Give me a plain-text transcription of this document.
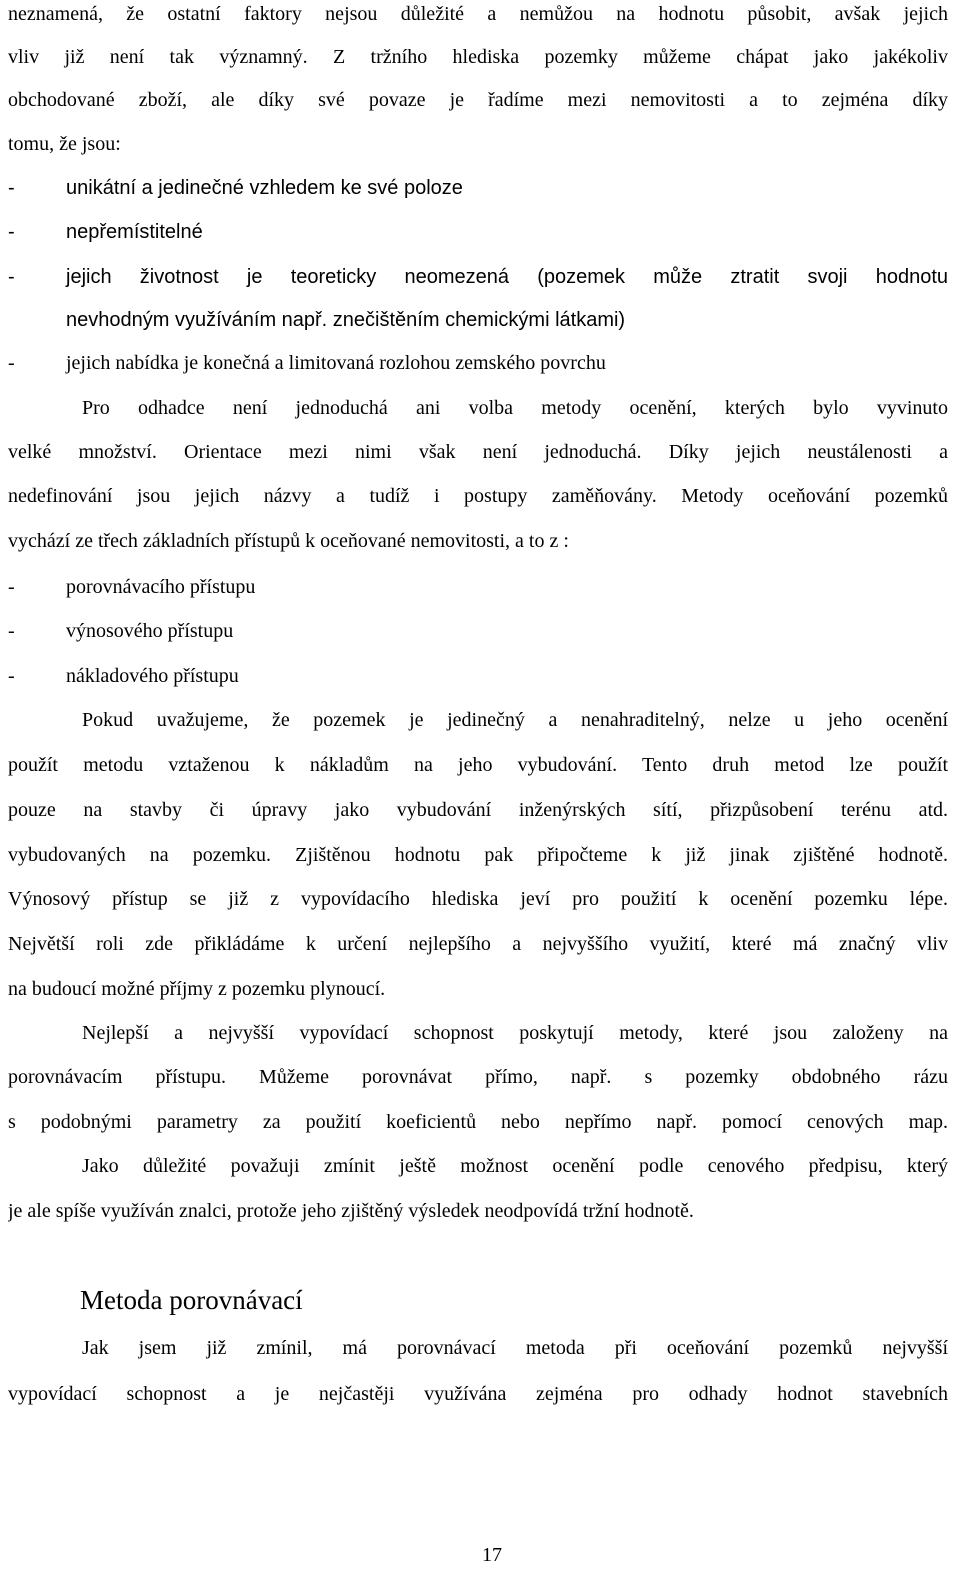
neznamená, že ostatní faktory nejsou důležité a nemůžou na hodnotu působit, avšak jejich
vliv již není tak významný. Z tržního hlediska pozemky můžeme chápat jako jakékoliv
obchodované zboží, ale díky své povaze je řadíme mezi nemovitosti a to zejména díky
tomu, že jsou:
-	unikátní a jedinečné vzhledem ke své poloze
-	nepřemístitelné
-	jejich životnost je teoreticky neomezená (pozemek může ztratit svoji hodnotu
nevhodným využíváním např. znečištěním chemickými látkami)
-	jejich nabídka je konečná a limitovaná rozlohou zemského povrchu
Pro odhadce není jednoduchá ani volba metody ocenění, kterých bylo vyvinuto
velké množství. Orientace mezi nimi však není jednoduchá. Díky jejich neustálenosti a
nedefinování jsou jejich názvy a tudíž i postupy zaměňovány. Metody oceňování pozemků
vychází ze třech základních přístupů k oceňované nemovitosti, a to z :
-	porovnávacího přístupu
-	výnosového přístupu
-	nákladového přístupu
Pokud uvažujeme, že pozemek je jedinečný a nenahraditelný, nelze u jeho ocenění
použít metodu vztaženou k nákladům na jeho vybudování. Tento druh metod lze použít
pouze na stavby či úpravy jako vybudování inženýrských sítí, přizpůsobení terénu atd.
vybudovaných na pozemku. Zjištěnou hodnotu pak připočteme k již jinak zjištěné hodnotě.
Výnosový přístup se již z vypovídacího hlediska jeví pro použití k ocenění pozemku lépe.
Největší roli zde přikládáme k určení nejlepšího a nejvyššího využití, které má značný vliv
na budoucí možné příjmy z pozemku plynoucí.
Nejlepší a nejvyšší vypovídací schopnost poskytují metody, které jsou založeny na
porovnávacím přístupu. Můžeme porovnávat přímo, např. s pozemky obdobného rázu
s podobnými parametry za použití koeficientů nebo nepřímo např. pomocí cenových map.
Jako důležité považuji zmínit ještě možnost ocenění podle cenového předpisu, který
je ale spíše využíván znalci, protože jeho zjištěný výsledek neodpovídá tržní hodnotě.
Metoda porovnávací
Jak jsem již zmínil, má porovnávací metoda při oceňování pozemků nejvyšší
vypovídací schopnost a je nejčastěji využívána zejména pro odhady hodnot stavebních
17
